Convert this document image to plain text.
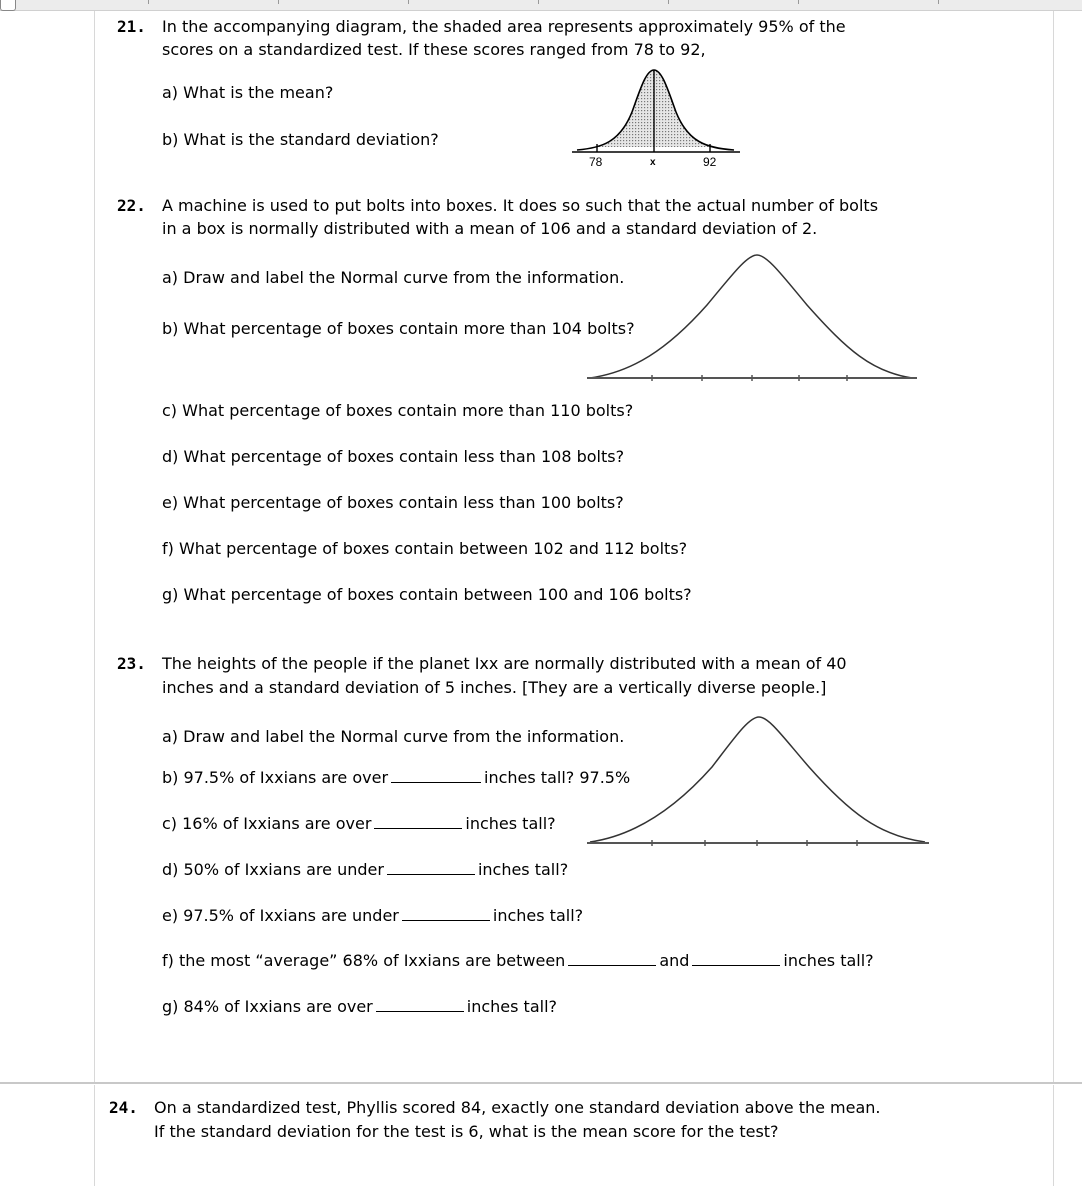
21. In the accompanying diagram, the shaded area represents approximately 95% of the
scores on a standardized test. If these scores ranged from 78 to 92,
a) What is the mean?
b) What is the standard deviation?
78	x	92
22. A machine is used to put bolts into boxes. It does so such that the actual number of bolts
in a box is normally distributed with a mean of 106 and a standard deviation of 2.
a) Draw and label the Normal curve from the information.
b) What percentage of boxes contain more than 104 bolts?
c) What percentage of boxes contain more than 110 bolts?
d) What percentage of boxes contain less than 108 bolts?
e) What percentage of boxes contain less than 100 bolts?
f) What percentage of boxes contain between 102 and 112 bolts?
g) What percentage of boxes contain between 100 and 106 bolts?
23. The heights of the people if the planet Ixx are normally distributed with a mean of 40
inches and a standard deviation of 5 inches. [They are a vertically diverse people.]
a) Draw and label the Normal curve from the information.
b) 97.5% of Ixxians are over	inches tall? 97.5%
c) 16% of Ixxians are over	inches tall?
d) 50% of Ixxians are under	inches tall?
e) 97.5% of Ixxians are under	inches tall?
f) the most “average” 68% of Ixxians are between	and	inches tall?
g) 84% of Ixxians are over	inches tall?
24. On a standardized test, Phyllis scored 84, exactly one standard deviation above the mean.
If the standard deviation for the test is 6, what is the mean score for the test?
